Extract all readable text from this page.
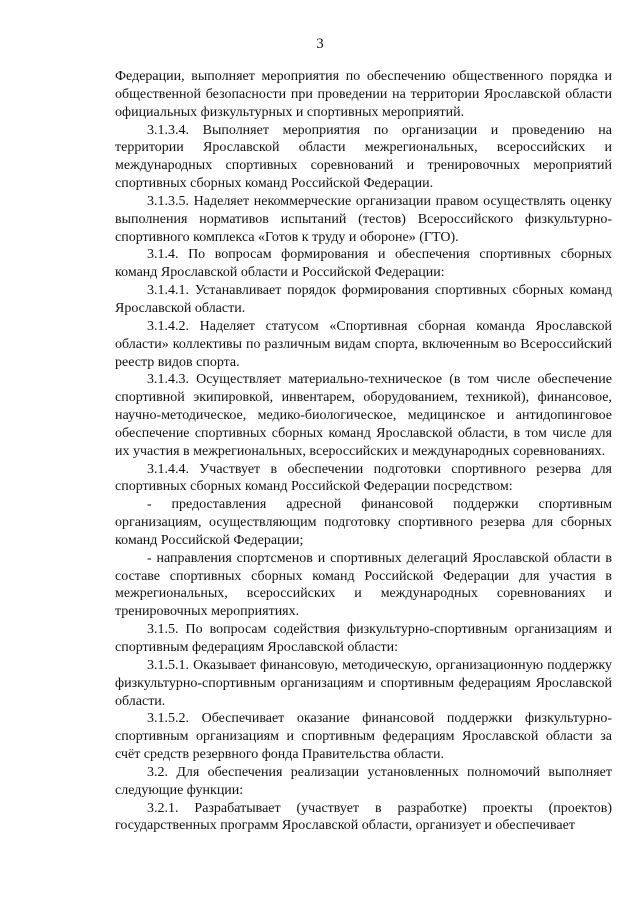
3

Федерации, выполняет мероприятия по обеспечению общественного порядка и общественной безопасности при проведении на территории Ярославской области официальных физкультурных и спортивных мероприятий.

3.1.3.4. Выполняет мероприятия по организации и проведению на территории Ярославской области межрегиональных, всероссийских и международных спортивных соревнований и тренировочных мероприятий спортивных сборных команд Российской Федерации.

3.1.3.5. Наделяет некоммерческие организации правом осуществлять оценку выполнения нормативов испытаний (тестов) Всероссийского физкультурно-спортивного комплекса «Готов к труду и обороне» (ГТО).

3.1.4. По вопросам формирования и обеспечения спортивных сборных команд Ярославской области и Российской Федерации:

3.1.4.1. Устанавливает порядок формирования спортивных сборных команд Ярославской области.

3.1.4.2. Наделяет статусом «Спортивная сборная команда Ярославской области» коллективы по различным видам спорта, включенным во Всероссийский реестр видов спорта.

3.1.4.3. Осуществляет материально-техническое (в том числе обеспечение спортивной экипировкой, инвентарем, оборудованием, техникой), финансовое, научно-методическое, медико-биологическое, медицинское и антидопинговое обеспечение спортивных сборных команд Ярославской области, в том числе для их участия в межрегиональных, всероссийских и международных соревнованиях.

3.1.4.4. Участвует в обеспечении подготовки спортивного резерва для спортивных сборных команд Российской Федерации посредством:

- предоставления адресной финансовой поддержки спортивным организациям, осуществляющим подготовку спортивного резерва для сборных команд Российской Федерации;

- направления спортсменов и спортивных делегаций Ярославской области в составе спортивных сборных команд Российской Федерации для участия в межрегиональных, всероссийских и международных соревнованиях и тренировочных мероприятиях.

3.1.5. По вопросам содействия физкультурно-спортивным организациям и спортивным федерациям Ярославской области:

3.1.5.1. Оказывает финансовую, методическую, организационную поддержку физкультурно-спортивным организациям и спортивным федерациям Ярославской области.

3.1.5.2. Обеспечивает оказание финансовой поддержки физкультурно-спортивным организациям и спортивным федерациям Ярославской области за счёт средств резервного фонда Правительства области.

3.2. Для обеспечения реализации установленных полномочий выполняет следующие функции:

3.2.1. Разрабатывает (участвует в разработке) проекты (проектов) государственных программ Ярославской области, организует и обеспечивает
